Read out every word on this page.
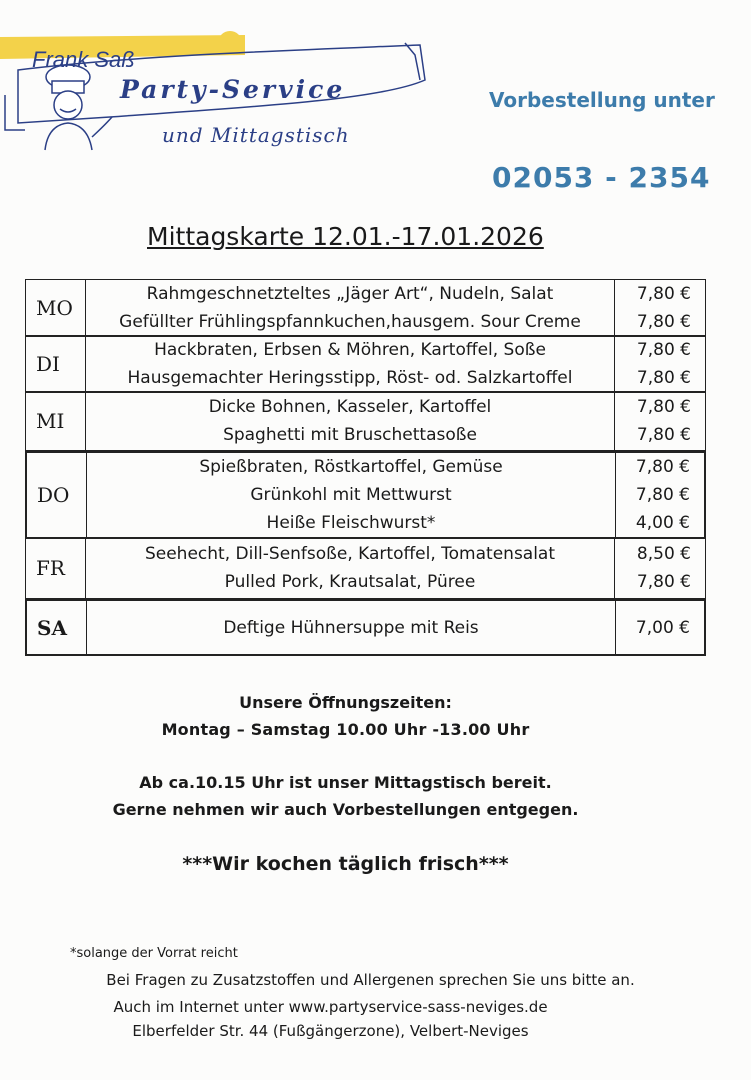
Frank Saß
Party-Service
und Mittagstisch
Vorbestellung unter
02053 - 2354
Mittagskarte 12.01.-17.01.2026
MO
Rahmgeschnetzteltes „Jäger Art“, Nudeln, Salat
Gefüllter Frühlingspfannkuchen,hausgem. Sour Creme
7,80 €
7,80 €
DI
Hackbraten, Erbsen & Möhren, Kartoffel, Soße
Hausgemachter Heringsstipp, Röst- od. Salzkartoffel
7,80 €
7,80 €
MI
Dicke Bohnen, Kasseler, Kartoffel
Spaghetti mit Bruschettasoße
7,80 €
7,80 €
DO
Spießbraten, Röstkartoffel, Gemüse
Grünkohl mit Mettwurst
Heiße Fleischwurst*
7,80 €
7,80 €
4,00 €
FR
Seehecht, Dill-Senfsoße, Kartoffel, Tomatensalat
Pulled Pork, Krautsalat, Püree
8,50 €
7,80 €
SA	Deftige Hühnersuppe mit Reis	7,00 €
Unsere Öffnungszeiten:
Montag – Samstag 10.00 Uhr -13.00 Uhr
Ab ca.10.15 Uhr ist unser Mittagstisch bereit.
Gerne nehmen wir auch Vorbestellungen entgegen.
***Wir kochen täglich frisch***
*solange der Vorrat reicht
Bei Fragen zu Zusatzstoffen und Allergenen sprechen Sie uns bitte an.
Auch im Internet unter www.partyservice-sass-neviges.de
Elberfelder Str. 44 (Fußgängerzone), Velbert-Neviges
